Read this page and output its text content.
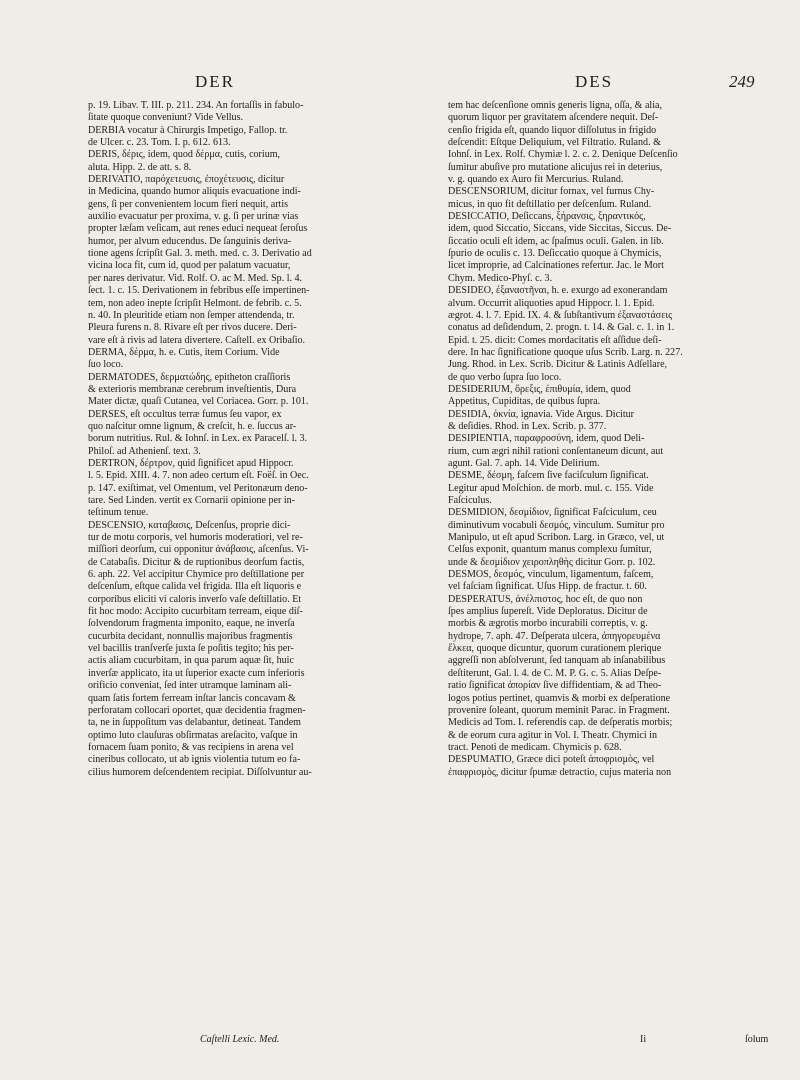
DER	DES	249

p. 19. Libav. T. III. p. 211. 234. An fortaſſis in fabulo-

ſitate quoque conveniunt? Vide Vellus.

DERBIA vocatur à Chirurgis Impetigo, Fallop. tr.

de Ulcer. c. 23. Tom. I. p. 612. 613.

DERIS, δέρις, idem, quod δέρμα, cutis, corium,

aluta. Hipp. 2. de att. s. 8.

DERIVATIO, παρόχετευσις, ἐποχέτευσις, dicitur

in Medicina, quando humor aliquis evacuatione indi-

gens, ſi per convenientem locum fieri nequit, artis

auxilio evacuatur per proxima, v. g. ſi per urinæ vias

propter læſam veſicam, aut renes educi nequeat ſeroſus

humor, per alvum educendus. De ſanguinis deriva-

tione agens ſcripſit Gal. 3. meth. med. c. 3. Derivatio ad

vicina loca fit, cum id, quod per palatum vacuatur,

per nares derivatur. Vid. Rolf. O. ac M. Med. Sp. l. 4.

ſect. 1. c. 15. Derivationem in febribus eſſe impertinen-

tem, non adeo inepte ſcripſit Helmont. de febrib. c. 5.

n. 40. In pleuritide etiam non ſemper attendenda, tr.

Pleura furens n. 8. Rivare eſt per rivos ducere. Deri-

vare eſt à rivis ad latera divertere. Caſtell. ex Oribaſio.

DERMA, δέρμα, h. e. Cutis, item Corium. Vide

ſuo loco.

DERMATODES, δερματώδης, epitheton craſſioris

& exterioris membranæ cerebrum inveſtientis, Dura

Mater dictæ, quaſi Cutanea, vel Coriacea. Gorr. p. 101.

DERSES, eſt occultus terræ fumus ſeu vapor, ex

quo naſcitur omne lignum, & creſcit, h. e. ſuccus ar-

borum nutritius. Rul. & Iohnſ. in Lex. ex Paracelſ. l. 3.

Philoſ. ad Athenienſ. text. 3.

DERTRON, δέρτρον, quid ſignificet apud Hippocr.

l. 5. Epid. XIII. 4. 7. non adeo certum eſt. Foëſ. in Oec.

p. 147. exiſtimat, vel Omentum, vel Peritonæum deno-

tare. Sed Linden. vertit ex Cornarii opinione per in-

teſtinum tenue.

DESCENSIO, καταβασις, Deſcenſus, proprie dici-

tur de motu corporis, vel humoris moderatiori, vel re-

miſſiori deorſum, cui opponitur ἀνάβασις, aſcenſus. Vi-

de Catabaſis. Dicitur & de ruptionibus deorſum factis,

6. aph. 22. Vel accipitur Chymice pro deſtillatione per

deſcenſum, eſtque calida vel frigida. Illa eſt liquoris e

corporibus eliciti vi caloris inverſo vaſe deſtillatio. Et

fit hoc modo: Accipito cucurbitam terream, eique diſ-

ſolvendorum fragmenta imponito, eaque, ne inverſa

cucurbita decidant, nonnullis majoribus fragmentis

vel bacillis tranſverſe juxta ſe poſitis tegito; his per-

actis aliam cucurbitam, in qua parum aquæ ſit, huic

inverſæ applicato, ita ut ſuperior exacte cum inferioris

orificio conveniat, ſed inter utramque laminam ali-

quam ſatis fortem ferream inſtar lancis concavam &

perforatam collocari oportet, quæ decidentia fragmen-

ta, ne in ſuppoſitum vas delabantur, detineat. Tandem

optimo luto clauſuras obſirmatas areſacito, vaſque in

fornacem ſuam ponito, & vas recipiens in arena vel

cineribus collocato, ut ab ignis violentia tutum eo fa-

cilius humorem deſcendentem recipiat. Diſſolvuntur au-

tem hac deſcenſione omnis generis ligna, oſſa, & alia,

quorum liquor per gravitatem aſcendere nequit. Deſ-

cenſio frigida eſt, quando liquor diſſolutus in frigido

deſcendit: Eſtque Deliquium, vel Filtratio. Ruland. &

Iohnſ. in Lex. Rolf. Chymiæ l. 2. c. 2. Denique Deſcenſio

ſumitur abuſive pro mutatione alicujus rei in deterius,

v. g. quando ex Auro fit Mercurius. Ruland.

DESCENSORIUM, dicitur fornax, vel furnus Chy-

micus, in quo fit deſtillatio per deſcenſum. Ruland.

DESICCATIO, Deſiccans, ξήρανσις, ξηραντικός,

idem, quod Siccatio, Siccans, vide Siccitas, Siccus. De-

ſiccatio oculi eſt idem, ac ſpaſmus oculi. Galen. in lib.

ſpurio de oculis c. 13. Deſiccatio quoque à Chymicis,

licet improprie, ad Calcinationes refertur. Jac. le Mort

Chym. Medico-Phyſ. c. 3.

DESIDEO, ἐξαναστῆναι, h. e. exurgo ad exonerandam

alvum. Occurrit aliquoties apud Hippocr. l. 1. Epid.

ægrot. 4. l. 7. Epid. IX. 4. & ſubſtantivum ἐξαναστάσεις

conatus ad deſidendum, 2. progn. t. 14. & Gal. c. 1. in 1.

Epid. t. 25. dicit: Comes mordacitatis eſt aſſidue deſi-

dere. In hac ſignificatione quoque uſus Scrib. Larg. n. 227.

Jung. Rhod. in Lex. Scrib. Dicitur & Latinis Adſellare,

de quo verbo ſupra ſuo loco.

DESIDERIUM, ὄρεξις, ἐπιθυμία, idem, quod

Appetitus, Cupiditas, de quibus ſupra.

DESIDIA, ὀκνία, ignavia. Vide Argus. Dicitur

& deſidies. Rhod. in Lex. Scrib. p. 377.

DESIPIENTIA, παραφροσύνη, idem, quod Deli-

rium, cum ægri nihil rationi conſentaneum dicunt, aut

agunt. Gal. 7. aph. 14. Vide Delirium.

DESME, δέσμη, faſcem ſive faciſculum ſignificat.

Legitur apud Moſchion. de morb. mul. c. 155. Vide

Faſciculus.

DESMIDION, δεσμίδιον, ſignificat Faſciculum, ceu

diminutivum vocabuli δεσμός, vinculum. Sumitur pro

Manipulo, ut eſt apud Scribon. Larg. in Græco, vel, ut

Celſus exponit, quantum manus complexu ſumitur,

unde & δεσμίδιον χειροπληθὴς dicitur Gorr. p. 102.

DESMOS, δεσμός, vinculum, ligamentum, faſcem,

vel faſciam ſignificat. Uſus Hipp. de fractur. t. 60.

DESPERATUS, ἀνέλπιστος, hoc eſt, de quo non

ſpes amplius ſupereſt. Vide Deploratus. Dicitur de

morbis & ægrotis morbo incurabili correptis, v. g.

hydrope, 7. aph. 47. Deſperata ulcera, ἀπηγορευμένα

ἕλκεα, quoque dicuntur, quorum curationem plerique

aggreſſi non abſolverunt, ſed tanquam ab inſanabilibus

deſtiterunt, Gal. l. 4. de C. M. P. G. c. 5. Alias Deſpe-

ratio ſignificat ἀπορίαν ſive diffidentiam, & ad Theo-

logos potius pertinet, quamvis & morbi ex deſperatione

provenire ſoleant, quorum meminit Parac. in Fragment.

Medicis ad Tom. I. referendis cap. de deſperatis morbis;

& de eorum cura agitur in Vol. I. Theatr. Chymici in

tract. Penoti de medicam. Chymicis p. 628.

DESPUMATIO, Græce dici poteſt ἀποφρισμὸς, vel

ἐπαφρισμὸς, dicitur ſpumæ detractio, cujus materia non

Ii	ſolum
Caſtelli Lexic. Med.
